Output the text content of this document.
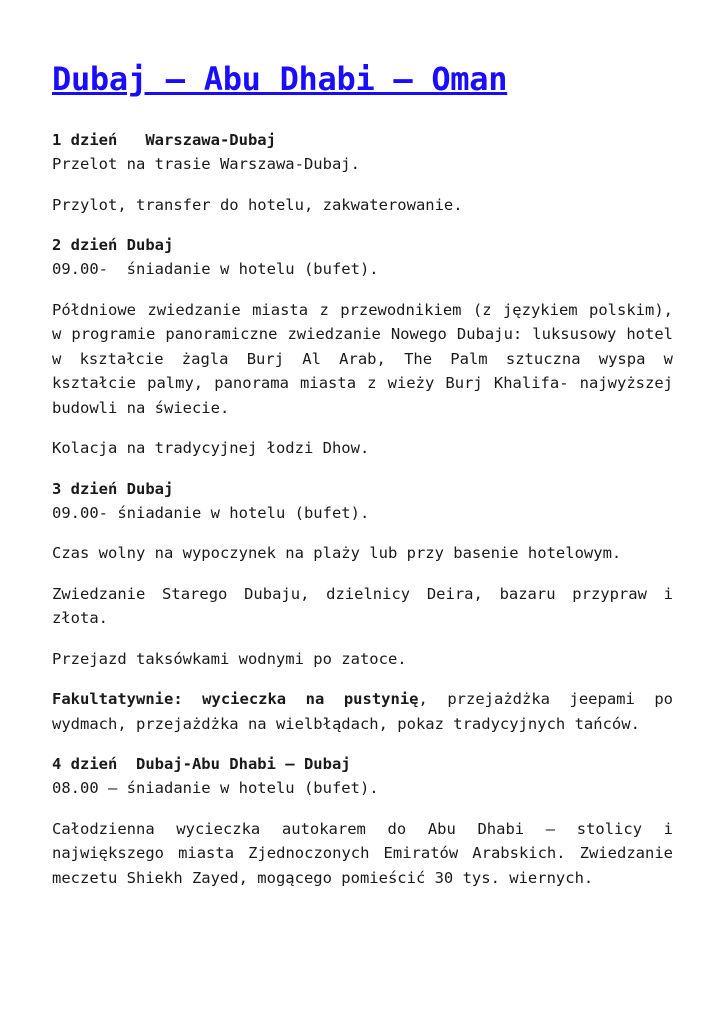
Dubaj – Abu Dhabi – Oman
1 dzień   Warszawa-Dubaj

Przelot na trasie Warszawa-Dubaj.

Przylot, transfer do hotelu, zakwaterowanie.

2 dzień Dubaj

09.00-  śniadanie w hotelu (bufet).

Półdniowe zwiedzanie miasta z przewodnikiem (z językiem polskim), w programie panoramiczne zwiedzanie Nowego Dubaju: luksusowy hotel w kształcie żagla Burj Al Arab, The Palm sztuczna wyspa w kształcie palmy, panorama miasta z wieży Burj Khalifa- najwyższej budowli na świecie.

Kolacja na tradycyjnej łodzi Dhow.

3 dzień Dubaj

09.00- śniadanie w hotelu (bufet).

Czas wolny na wypoczynek na plaży lub przy basenie hotelowym.

Zwiedzanie Starego Dubaju, dzielnicy Deira, bazaru przypraw i złota.

Przejazd taksówkami wodnymi po zatoce.

Fakultatywnie: wycieczka na pustynię, przejażdżka jeepami po wydmach, przejażdżka na wielbłądach, pokaz tradycyjnych tańców.

4 dzień  Dubaj-Abu Dhabi – Dubaj

08.00 – śniadanie w hotelu (bufet).

Całodzienna wycieczka autokarem do Abu Dhabi – stolicy i największego miasta Zjednoczonych Emiratów Arabskich. Zwiedzanie meczetu Shiekh Zayed, mogącego pomieścić 30 tys. wiernych.
